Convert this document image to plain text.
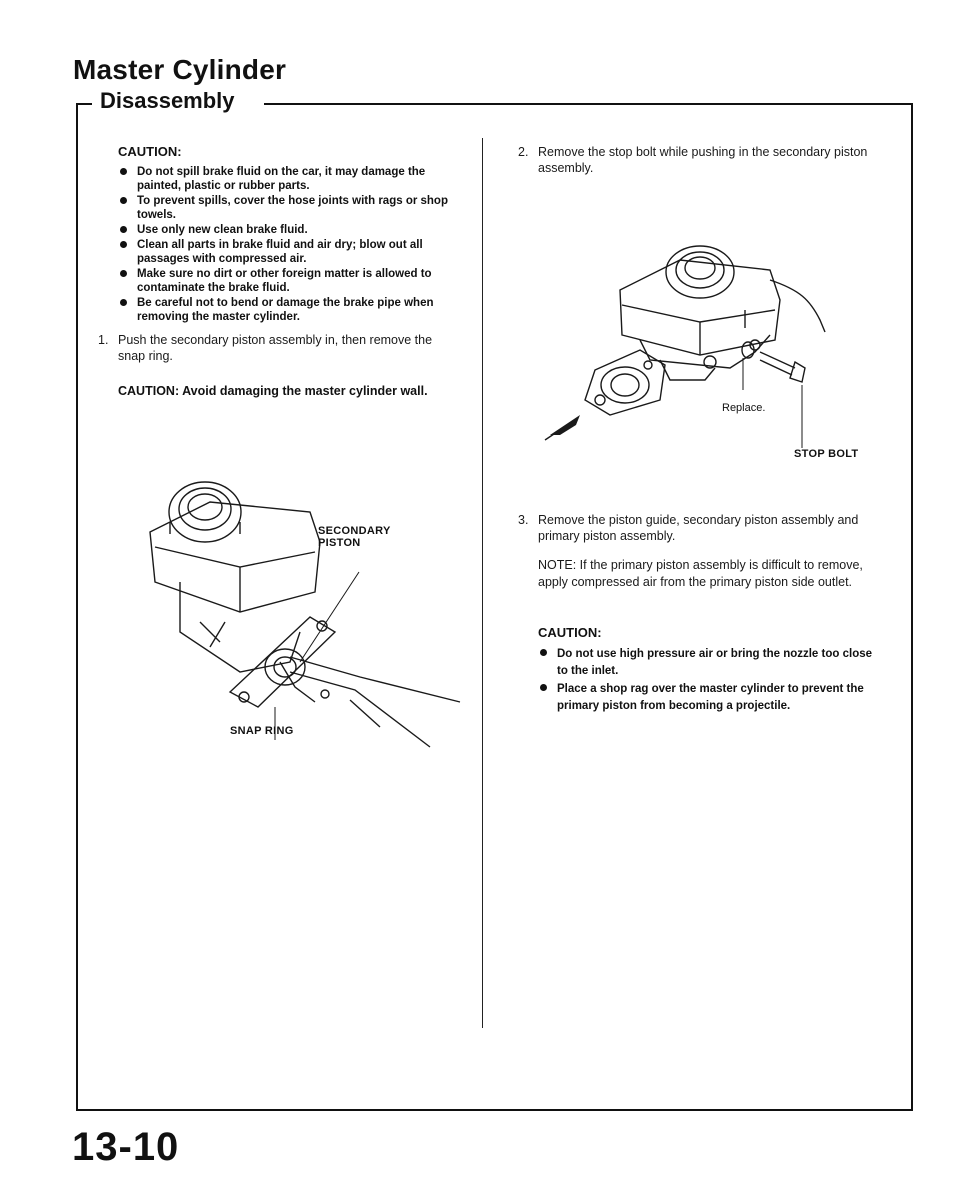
Master Cylinder
Disassembly
CAUTION:
Do not spill brake fluid on the car, it may damage the painted, plastic or rubber parts.
To prevent spills, cover the hose joints with rags or shop towels.
Use only new clean brake fluid.
Clean all parts in brake fluid and air dry; blow out all passages with compressed air.
Make sure no dirt or other foreign matter is allowed to contaminate the brake fluid.
Be careful not to bend or damage the brake pipe when removing the master cylinder.
1. Push the secondary piston assembly in, then remove the snap ring.
CAUTION: Avoid damaging the master cylinder wall.
SECONDARY PISTON
SNAP RING
2. Remove the stop bolt while pushing in the secondary piston assembly.
Replace.
STOP BOLT
3. Remove the piston guide, secondary piston assembly and primary piston assembly.
NOTE: If the primary piston assembly is difficult to remove, apply compressed air from the primary piston side outlet.
CAUTION:
Do not use high pressure air or bring the nozzle too close to the inlet.
Place a shop rag over the master cylinder to prevent the primary piston from becoming a projectile.
13-10
